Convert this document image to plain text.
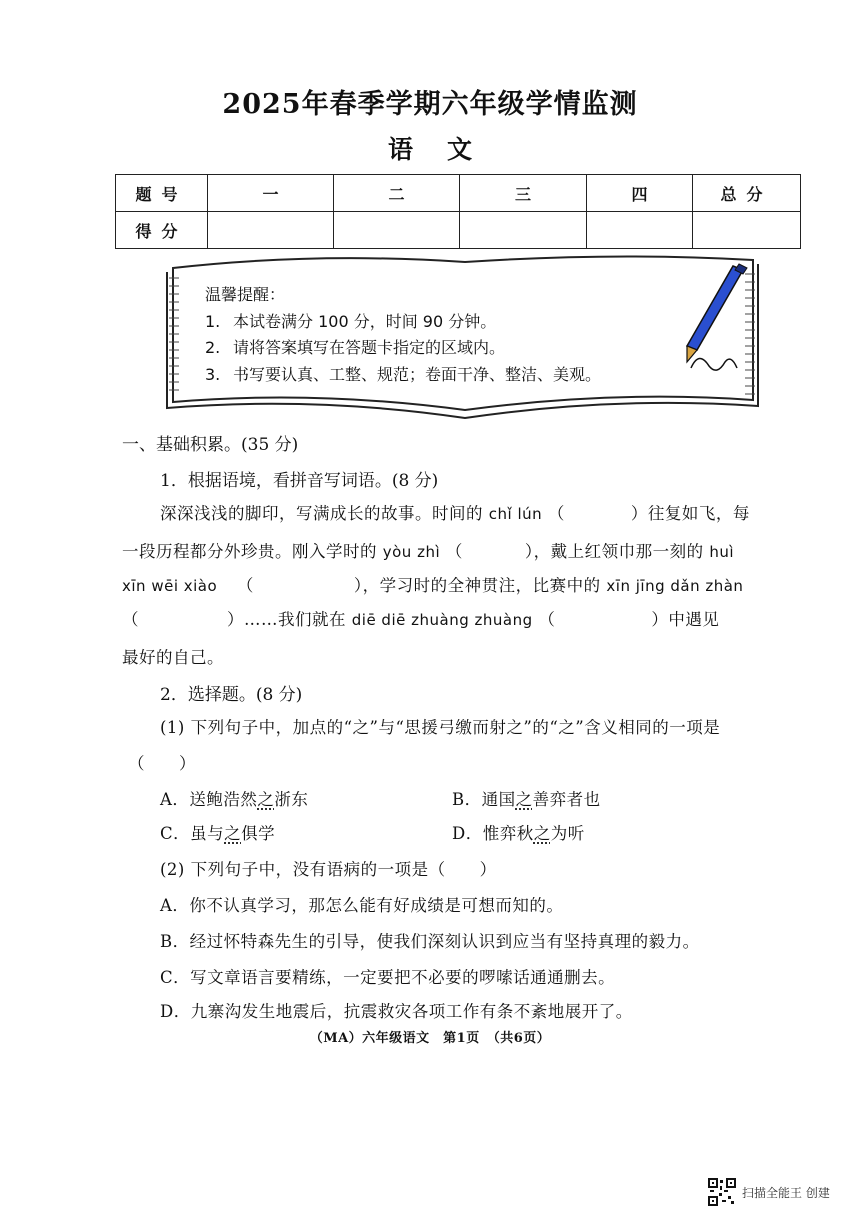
2025年春季学期六年级学情监测
语文
题号	一	二	三	四	总分
得分					
温馨提醒：
1. 本试卷满分 100 分，时间 90 分钟。
2. 请将答案填写在答题卡指定的区域内。
3. 书写要认真、工整、规范；卷面干净、整洁、美观。
一、基础积累。(35 分)
1．根据语境，看拼音写词语。(8 分)
深深浅浅的脚印，写满成长的故事。时间的 chǐ lún （	）往复如飞，每
一段历程都分外珍贵。刚入学时的 yòu zhì （	），戴上红领巾那一刻的 huì
xīn wēi xiào （	），学习时的全神贯注，比赛中的 xīn jīng dǎn zhàn
（	）……我们就在 diē diē zhuàng zhuàng （	）中遇见
最好的自己。
2．选择题。(8 分)
(1) 下列句子中，加点的“之”与“思援弓缴而射之”的“之”含义相同的一项是
（　　）
A．送鲍浩然之浙东	B．通国之善弈者也
C．虽与之俱学	D．惟弈秋之为听
(2) 下列句子中，没有语病的一项是（　　）
A．你不认真学习，那怎么能有好成绩是可想而知的。
B．经过怀特森先生的引导，使我们深刻认识到应当有坚持真理的毅力。
C．写文章语言要精练，一定要把不必要的啰嗦话通通删去。
D．九寨沟发生地震后，抗震救灾各项工作有条不紊地展开了。
（MA）六年级语文　第1页　（共6页）
扫描全能王 创建
